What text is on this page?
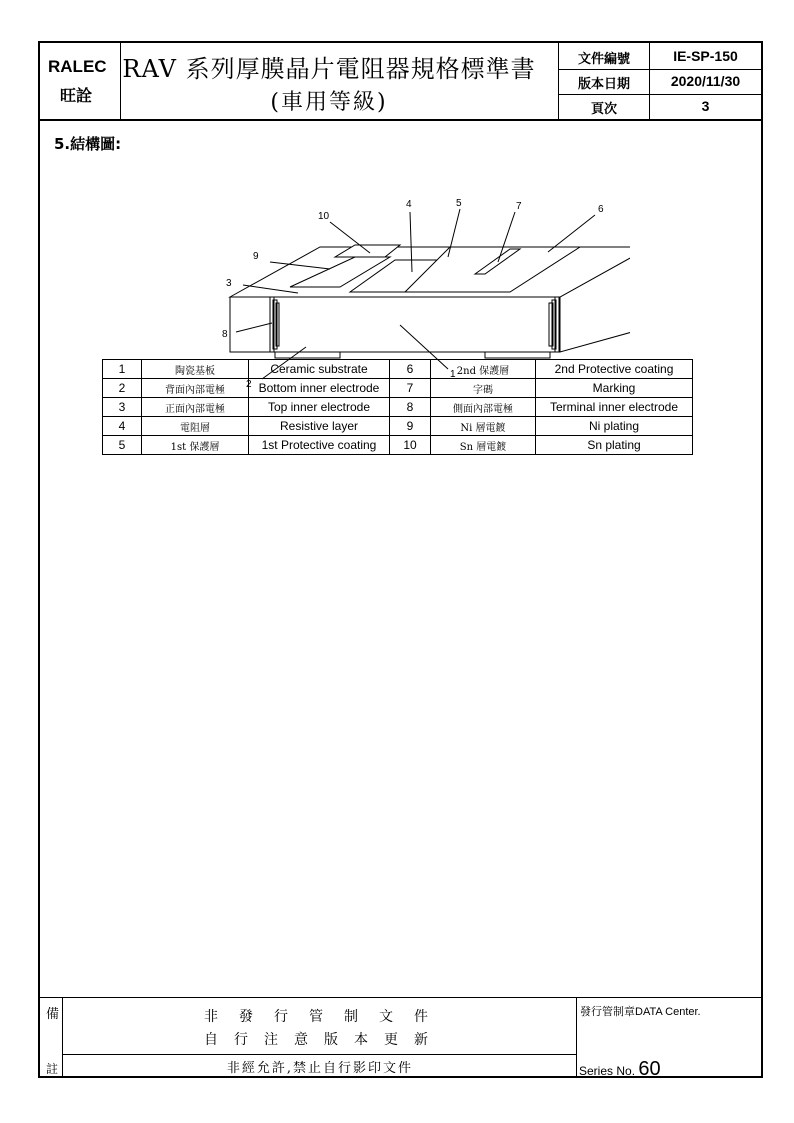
RALEC
旺詮
RAV 系列厚膜晶片電阻器規格標準書
(車用等級)
文件編號	IE-SP-150
版本日期	2020/11/30
頁次	3
5.結構圖:
10
4	5	7	6
9
3
8
2
1
1	陶瓷基板	Ceramic substrate	6	2nd 保護層	2nd Protective coating
2	背面內部電極	Bottom inner electrode	7	字碼	Marking
3	正面內部電極	Top inner electrode	8	側面內部電極	Terminal inner electrode
4	電阻層	Resistive layer	9	Ni 層電鍍	Ni plating
5	1st 保護層	1st Protective coating	10	Sn 層電鍍	Sn plating
備
註
非 發 行 管 制 文 件
自 行 注 意 版 本 更 新
非經允許,禁止自行影印文件
發行管制章DATA Center.
Series No. 60
